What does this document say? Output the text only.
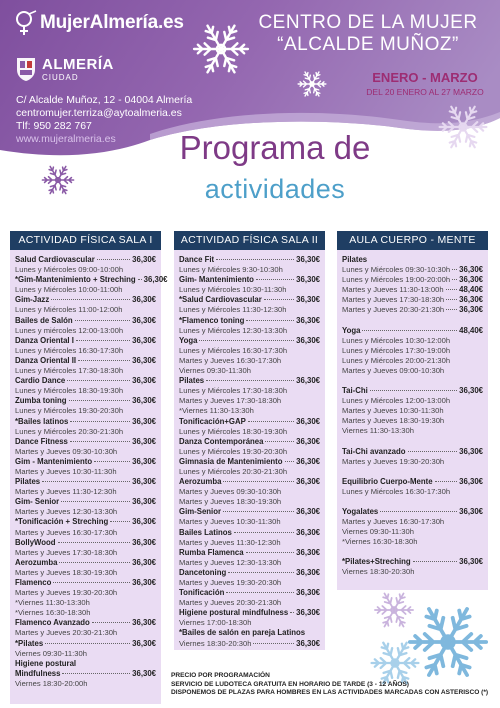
MujerAlmería.es
ALMERÍA
CIUDAD
C/ Alcalde Muñoz, 12 - 04004 Almería
centromujer.terriza@aytoalmeria.es
Tlf: 950 282 767
www.mujeralmeria.es
CENTRO DE LA MUJER
“ALCALDE MUÑOZ”
ENERO - MARZO
DEL 20 ENERO AL 27 MARZO
Programa de
actividades
ACTIVIDAD FÍSICA SALA I
Salud Cardiovascular	36,30€
Lunes y Miércoles 09:00-10:00h
*Gim-Mantenimiento + Streching 36,30€
Lunes y Miércoles 10:00-11:00h
Gim-Jazz	36,30€
Lunes y Miércoles 11:00-12:00h
Bailes de Salón	36,30€
Lunes y miércoles 12:00-13:00h
Danza Oriental I	36,30€
Lunes y Miércoles 16:30-17:30h
Danza Oriental II	36,30€
Lunes y Miércoles 17:30-18:30h
Cardio Dance	36,30€
Lunes y Miércoles 18:30-19:30h
Zumba toning	36,30€
Lunes y Miércoles 19:30-20:30h
*Bailes latinos	36,30€
Lunes y Miércoles 20:30-21:30h
Dance Fitness	36,30€
Martes y Jueves 09:30-10:30h
Gim - Mantenimiento	36,30€
Martes y Jueves 10:30-11:30h
Pilates	36,30€
Martes y Jueves 11:30-12:30h
Gim- Senior	36,30€
Martes y Jueves 12:30-13:30h
*Tonificación + Streching	36,30€
Martes y Jueves 16:30-17:30h
BollyWood	36,30€
Martes y Jueves 17:30-18:30h
Aerozumba	36,30€
Martes y Jueves 18:30-19:30h
Flamenco	36,30€
Martes y Jueves 19:30-20:30h
*Viernes 11:30-13:30h
*Viernes 16:30-18:30h
Flamenco Avanzado	36,30€
Martes y Jueves 20:30-21:30h
*Pilates	36,30€
Viernes 09:30-11:30h
Higiene postural
Mindfulness	36,30€
Viernes 18:30-20:00h
ACTIVIDAD FÍSICA SALA II
Dance Fit	36,30€
Lunes y Miércoles 9:30-10:30h
Gim- Mantenimiento	36,30€
Lunes y Miércoles 10:30-11:30h
*Salud Cardiovascular	36,30€
Lunes y Miércoles 11:30-12:30h
*Flamenco toning	36,30€
Lunes y Miércoles 12:30-13:30h
Yoga	36,30€
Lunes y Miércoles 16:30-17:30h
Martes y Jueves 16:30-17:30h
Viernes 09:30-11:30h
Pilates	36,30€
Lunes y Miércoles 17:30-18:30h
Martes y Jueves 17:30-18:30h
*Viernes 11:30-13:30h
Tonificación+GAP	36,30€
Lunes y Miércoles 18:30-19:30h
Danza Contemporánea	36,30€
Lunes y Miércoles 19:30-20:30h
Gimnasia de Mantenimiento 36,30€
Lunes y Miércoles 20:30-21:30h
Aerozumba	36,30€
Martes y Jueves 09:30-10:30h
Martes y Jueves 18:30-19:30h
Gim-Senior	36,30€
Martes y Jueves 10:30-11:30h
Bailes Latinos	36,30€
Martes y Jueves 11:30-12:30h
Rumba Flamenca	36,30€
Martes y Jueves 12:30-13:30h
Dancetoning	36,30€
Martes y Jueves 19:30-20:30h
Tonificación	36,30€
Martes y Jueves 20:30-21:30h
Higiene postural mindfulness 36,30€
Viernes 17:00-18:30h
*Bailes de salón en pareja Latinos
Viernes 18:30-20:30h	36,30€
AULA CUERPO - MENTE
Pilates
Lunes y Miércoles 09:30-10:30h 36,30€
Lunes y Miércoles 19:00-20:00h 36,30€
Martes y Jueves 11:30-13:00h 48,40€
Martes y Jueves 17:30-18:30h 36,30€
Martes y Jueves 20:30-21:30h 36,30€
Yoga	48,40€
Lunes y Miércoles 10:30-12:00h
Lunes y Miércoles 17:30-19:00h
Lunes y Miércoles 20:00-21:30h
Martes y Jueves 09:00-10:30h
Tai-Chi	36,30€
Lunes y Miércoles 12:00-13:00h
Martes y Jueves 10:30-11:30h
Martes y Jueves 18:30-19:30h
Viernes 11:30-13:30h
Tai-Chi avanzado	36,30€
Martes y Jueves 19:30-20:30h
Equilibrio Cuerpo-Mente	36,30€
Lunes y Miércoles 16:30-17:30h
Yogalates	36,30€
Martes y Jueves 16:30-17:30h
Viernes 09:30-11:30h
*Viernes 16:30-18:30h
*Pilates+Streching	36,30€
Viernes 18:30-20:30h
PRECIO POR PROGRAMACIÓN
SERVICIO DE LUDOTECA GRATUITA EN HORARIO DE TARDE (3 - 12 AÑOS)
DISPONEMOS DE PLAZAS PARA HOMBRES EN LAS ACTIVIDADES MARCADAS CON ASTERISCO (*)
